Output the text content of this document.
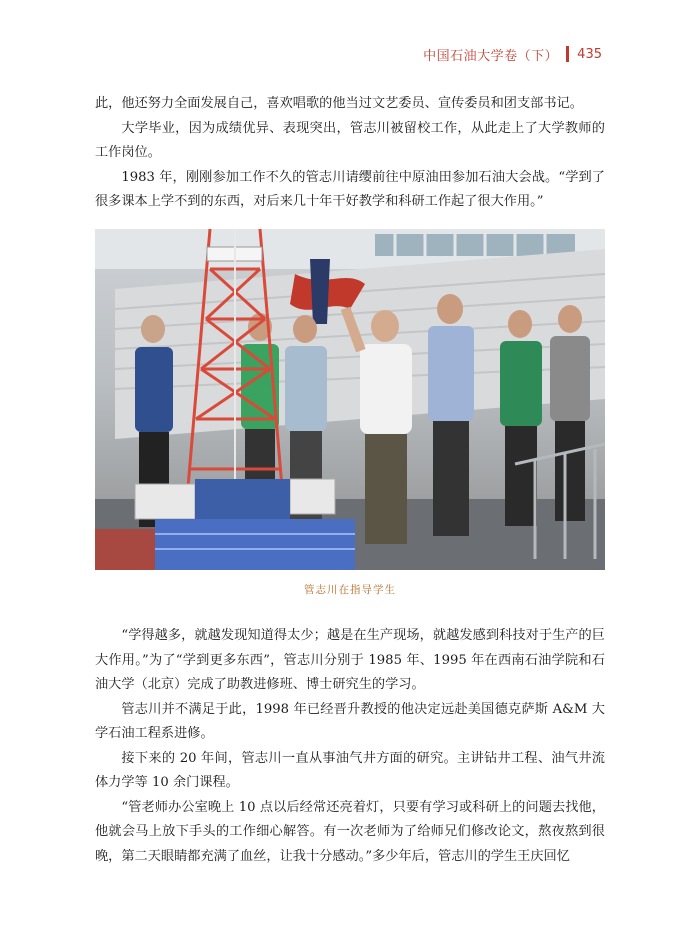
中国石油大学卷（下） 435

此，他还努力全面发展自己，喜欢唱歌的他当过文艺委员、宣传委员和团支部书记。

大学毕业，因为成绩优异、表现突出，管志川被留校工作，从此走上了大学教师的工作岗位。

1983 年，刚刚参加工作不久的管志川请缨前往中原油田参加石油大会战。“学到了很多课本上学不到的东西，对后来几十年干好教学和科研工作起了很大作用。”

管志川在指导学生

“学得越多，就越发现知道得太少；越是在生产现场，就越发感到科技对于生产的巨大作用。”为了“学到更多东西”，管志川分别于 1985 年、1995 年在西南石油学院和石油大学（北京）完成了助教进修班、博士研究生的学习。

管志川并不满足于此，1998 年已经晋升教授的他决定远赴美国德克萨斯 A&M 大学石油工程系进修。

接下来的 20 年间，管志川一直从事油气井方面的研究。主讲钻井工程、油气井流体力学等 10 余门课程。

“管老师办公室晚上 10 点以后经常还亮着灯，只要有学习或科研上的问题去找他，他就会马上放下手头的工作细心解答。有一次老师为了给师兄们修改论文，熬夜熬到很晚，第二天眼睛都充满了血丝，让我十分感动。”多少年后，管志川的学生王庆回忆
